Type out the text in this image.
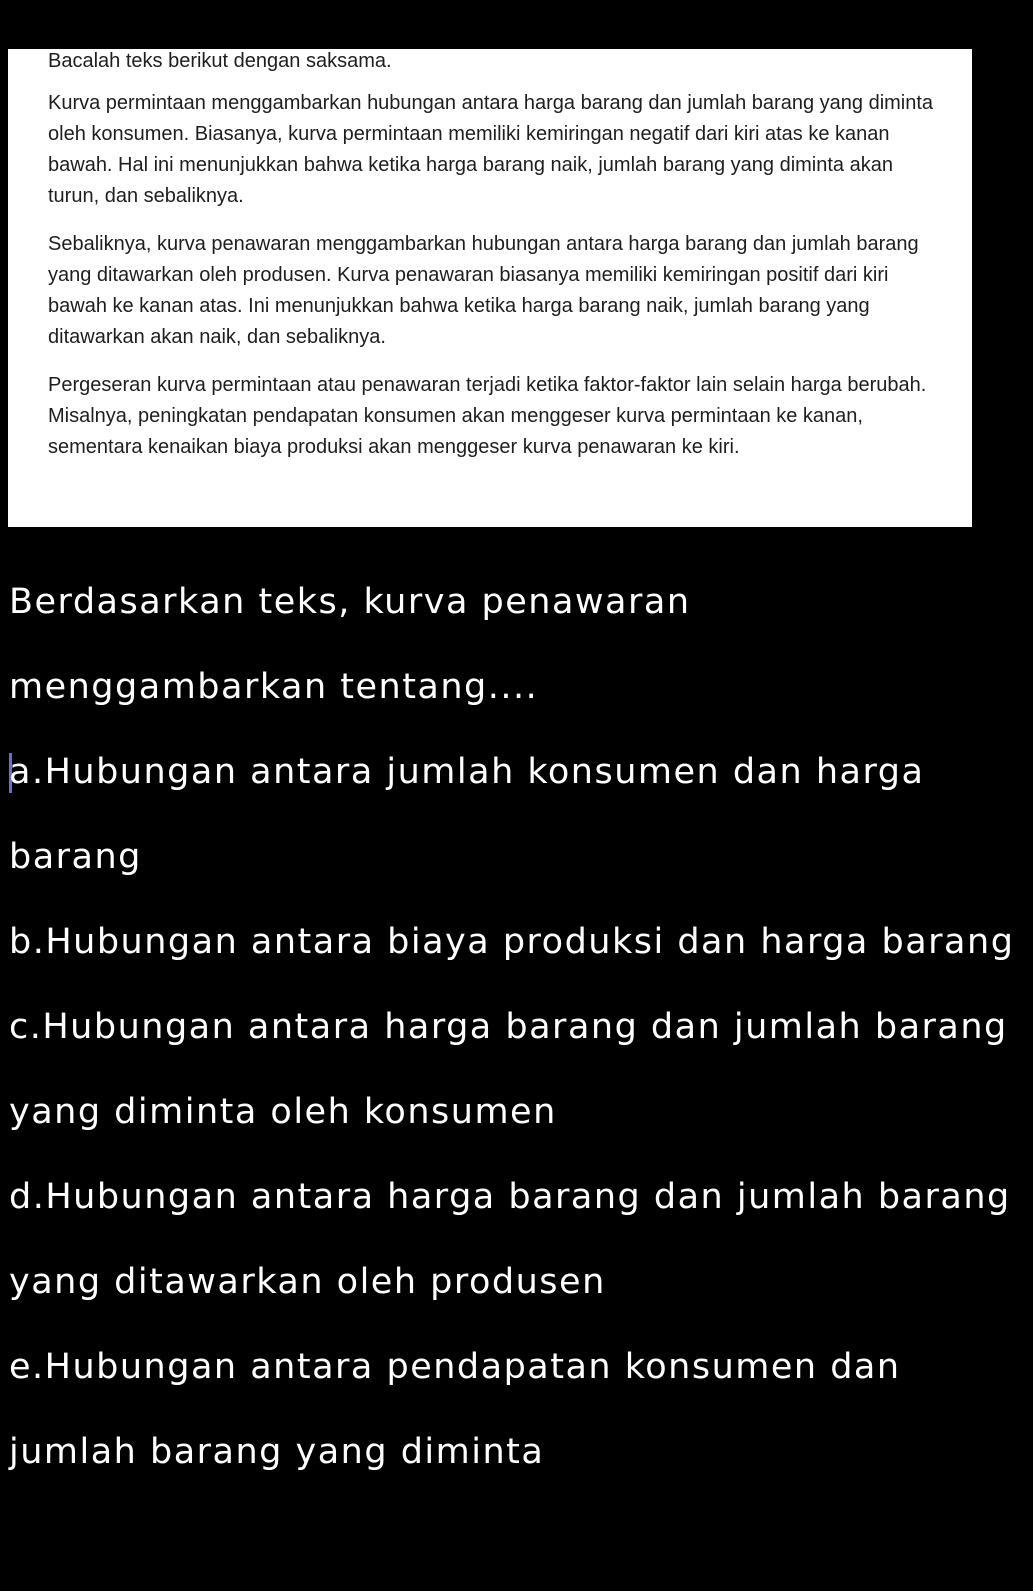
Bacalah teks berikut dengan saksama.

Kurva permintaan menggambarkan hubungan antara harga barang dan jumlah barang yang diminta oleh konsumen. Biasanya, kurva permintaan memiliki kemiringan negatif dari kiri atas ke kanan bawah. Hal ini menunjukkan bahwa ketika harga barang naik, jumlah barang yang diminta akan turun, dan sebaliknya.

Sebaliknya, kurva penawaran menggambarkan hubungan antara harga barang dan jumlah barang yang ditawarkan oleh produsen. Kurva penawaran biasanya memiliki kemiringan positif dari kiri bawah ke kanan atas. Ini menunjukkan bahwa ketika harga barang naik, jumlah barang yang ditawarkan akan naik, dan sebaliknya.

Pergeseran kurva permintaan atau penawaran terjadi ketika faktor-faktor lain selain harga berubah. Misalnya, peningkatan pendapatan konsumen akan menggeser kurva permintaan ke kanan, sementara kenaikan biaya produksi akan menggeser kurva penawaran ke kiri.

Berdasarkan teks, kurva penawaran menggambarkan tentang....

a.Hubungan antara jumlah konsumen dan harga barang
b.Hubungan antara biaya produksi dan harga barang
c.Hubungan antara harga barang dan jumlah barang yang diminta oleh konsumen
d.Hubungan antara harga barang dan jumlah barang yang ditawarkan oleh produsen
e.Hubungan antara pendapatan konsumen dan jumlah barang yang diminta
